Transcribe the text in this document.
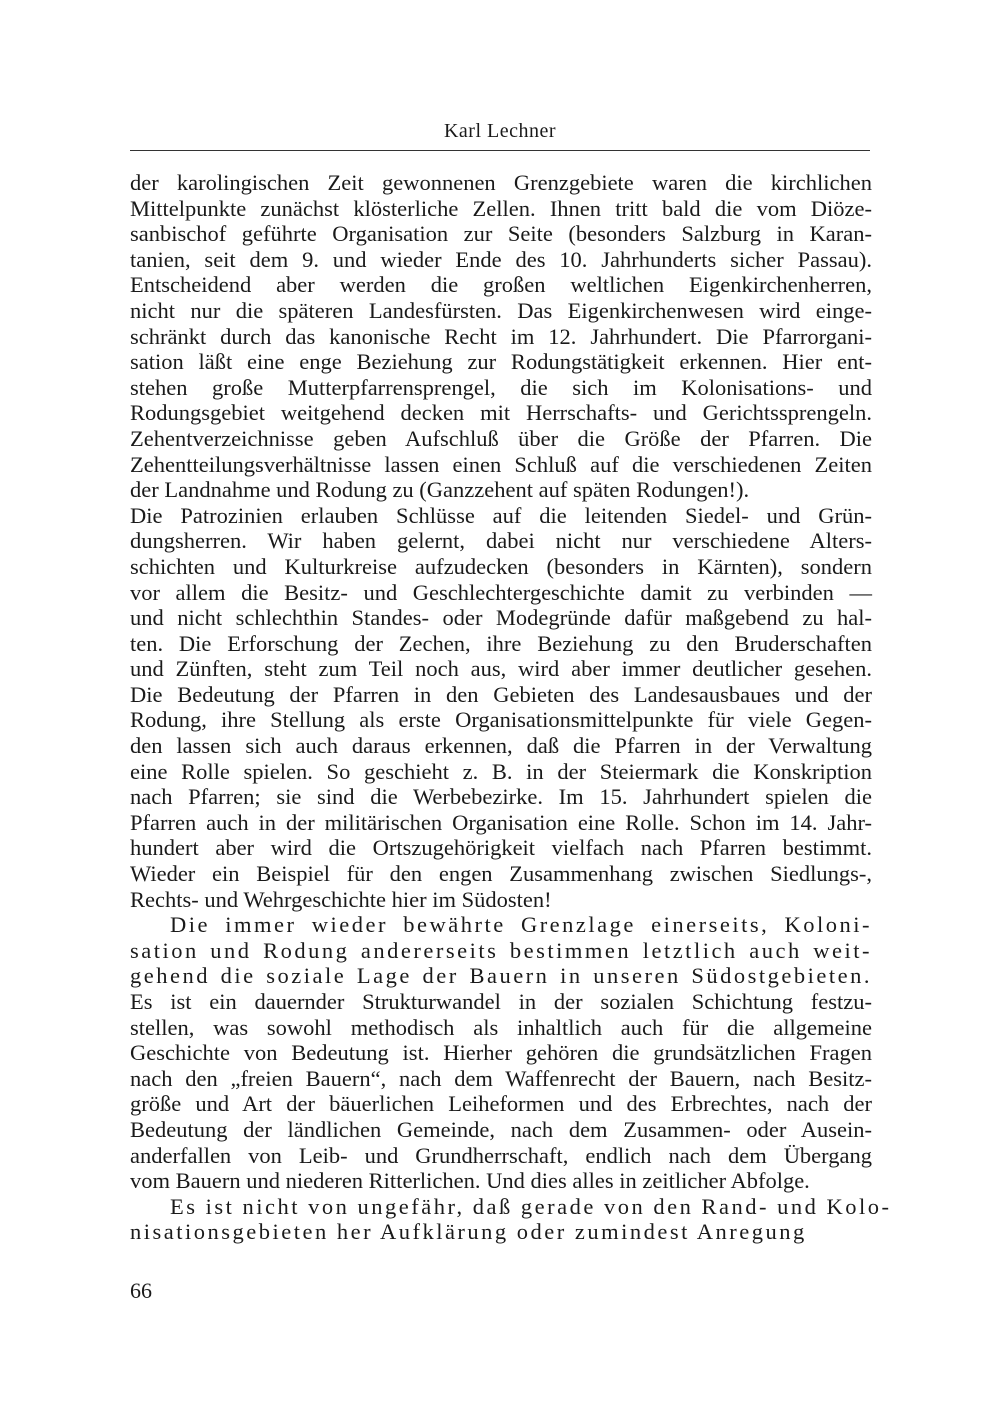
Karl Lechner
der karolingischen Zeit gewonnenen Grenzgebiete waren die kirchlichen
Mittelpunkte zunächst klösterliche Zellen. Ihnen tritt bald die vom Diöze-
sanbischof geführte Organisation zur Seite (besonders Salzburg in Karan-
tanien, seit dem 9. und wieder Ende des 10. Jahrhunderts sicher Passau).
Entscheidend aber werden die großen weltlichen Eigenkirchenherren,
nicht nur die späteren Landesfürsten. Das Eigenkirchenwesen wird einge-
schränkt durch das kanonische Recht im 12. Jahrhundert. Die Pfarrorgani-
sation läßt eine enge Beziehung zur Rodungstätigkeit erkennen. Hier ent-
stehen große Mutterpfarrensprengel, die sich im Kolonisations- und
Rodungsgebiet weitgehend decken mit Herrschafts- und Gerichtssprengeln.
Zehentverzeichnisse geben Aufschluß über die Größe der Pfarren. Die
Zehentteilungsverhältnisse lassen einen Schluß auf die verschiedenen Zeiten
der Landnahme und Rodung zu (Ganzzehent auf späten Rodungen!).
Die Patrozinien erlauben Schlüsse auf die leitenden Siedel- und Grün-
dungsherren. Wir haben gelernt, dabei nicht nur verschiedene Alters-
schichten und Kulturkreise aufzudecken (besonders in Kärnten), sondern
vor allem die Besitz- und Geschlechtergeschichte damit zu verbinden —
und nicht schlechthin Standes- oder Modegründe dafür maßgebend zu hal-
ten. Die Erforschung der Zechen, ihre Beziehung zu den Bruderschaften
und Zünften, steht zum Teil noch aus, wird aber immer deutlicher gesehen.
Die Bedeutung der Pfarren in den Gebieten des Landesausbaues und der
Rodung, ihre Stellung als erste Organisationsmittelpunkte für viele Gegen-
den lassen sich auch daraus erkennen, daß die Pfarren in der Verwaltung
eine Rolle spielen. So geschieht z. B. in der Steiermark die Konskription
nach Pfarren; sie sind die Werbebezirke. Im 15. Jahrhundert spielen die
Pfarren auch in der militärischen Organisation eine Rolle. Schon im 14. Jahr-
hundert aber wird die Ortszugehörigkeit vielfach nach Pfarren bestimmt.
Wieder ein Beispiel für den engen Zusammenhang zwischen Siedlungs-,
Rechts- und Wehrgeschichte hier im Südosten!
Die immer wieder bewährte Grenzlage einerseits, Koloni-
sation und Rodung andererseits bestimmen letztlich auch weit-
gehend die soziale Lage der Bauern in unseren Südostgebieten.
Es ist ein dauernder Strukturwandel in der sozialen Schichtung festzu-
stellen, was sowohl methodisch als inhaltlich auch für die allgemeine
Geschichte von Bedeutung ist. Hierher gehören die grundsätzlichen Fragen
nach den „freien Bauern“, nach dem Waffenrecht der Bauern, nach Besitz-
größe und Art der bäuerlichen Leiheformen und des Erbrechtes, nach der
Bedeutung der ländlichen Gemeinde, nach dem Zusammen- oder Ausein-
anderfallen von Leib- und Grundherrschaft, endlich nach dem Übergang
vom Bauern und niederen Ritterlichen. Und dies alles in zeitlicher Abfolge.
Es ist nicht von ungefähr, daß gerade von den Rand- und Kolo-
nisationsgebieten her Aufklärung oder zumindest Anregung
66
